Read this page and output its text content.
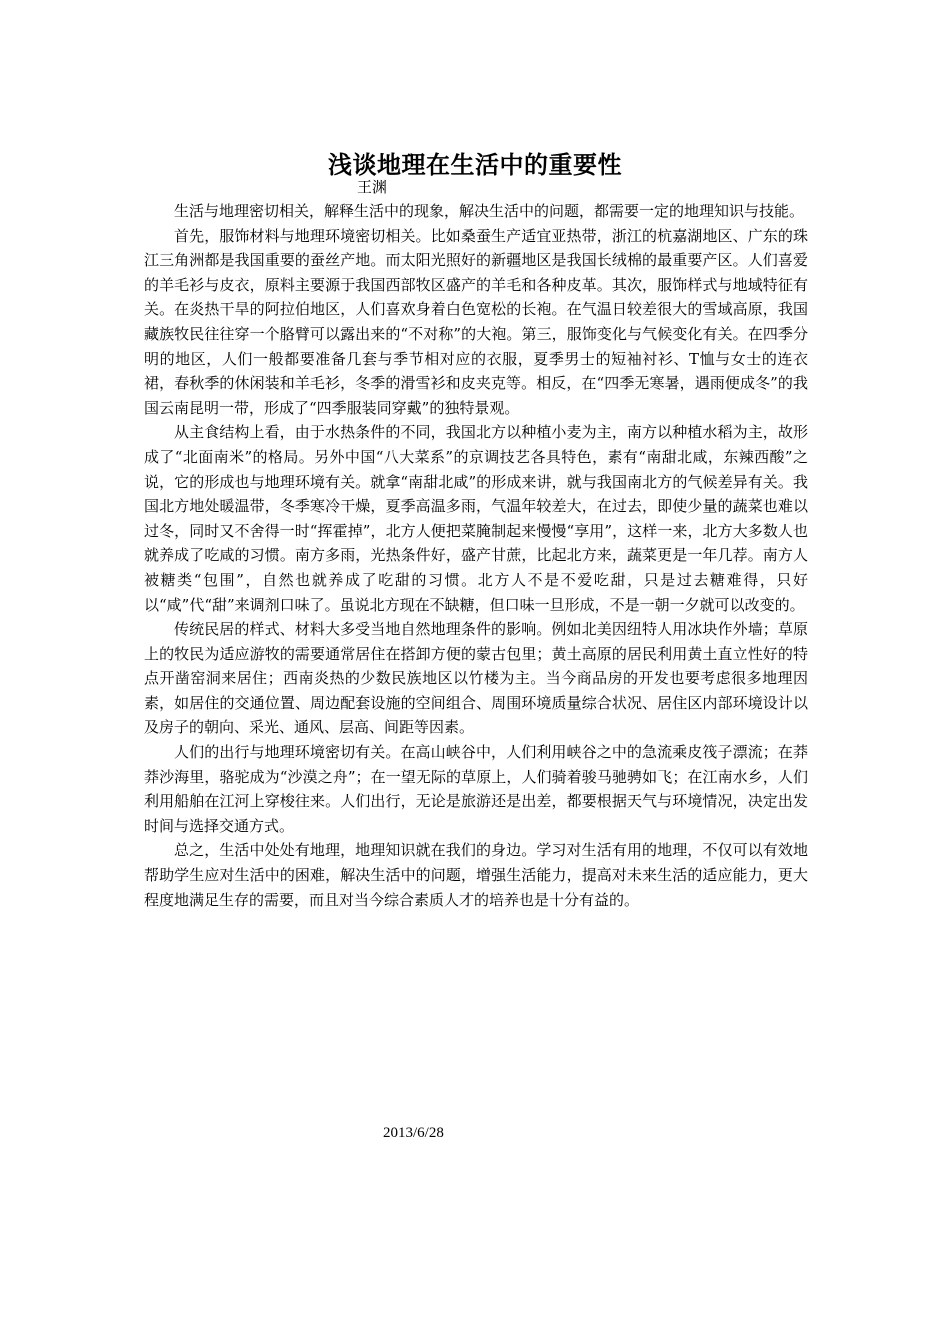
浅谈地理在生活中的重要性
王渊

生活与地理密切相关，解释生活中的现象，解决生活中的问题，都需要一定的地理知识与技能。

首先，服饰材料与地理环境密切相关。比如桑蚕生产适宜亚热带，浙江的杭嘉湖地区、广东的珠江三角洲都是我国重要的蚕丝产地。而太阳光照好的新疆地区是我国长绒棉的最重要产区。人们喜爱的羊毛衫与皮衣，原料主要源于我国西部牧区盛产的羊毛和各种皮革。其次，服饰样式与地域特征有关。在炎热干旱的阿拉伯地区，人们喜欢身着白色宽松的长袍。在气温日较差很大的雪域高原，我国藏族牧民往往穿一个胳臂可以露出来的“不对称”的大袍。第三，服饰变化与气候变化有关。在四季分明的地区，人们一般都要准备几套与季节相对应的衣服，夏季男士的短袖衬衫、T恤与女士的连衣裙，春秋季的休闲装和羊毛衫，冬季的滑雪衫和皮夹克等。相反，在“四季无寒暑，遇雨便成冬”的我国云南昆明一带，形成了“四季服装同穿戴”的独特景观。

从主食结构上看，由于水热条件的不同，我国北方以种植小麦为主，南方以种植水稻为主，故形成了“北面南米”的格局。另外中国“八大菜系”的京调技艺各具特色，素有“南甜北咸，东辣西酸”之说，它的形成也与地理环境有关。就拿“南甜北咸”的形成来讲，就与我国南北方的气候差异有关。我国北方地处暖温带，冬季寒冷干燥，夏季高温多雨，气温年较差大，在过去，即使少量的蔬菜也难以过冬，同时又不舍得一时“挥霍掉”，北方人便把菜腌制起来慢慢“享用”，这样一来，北方大多数人也就养成了吃咸的习惯。南方多雨，光热条件好，盛产甘蔗，比起北方来，蔬菜更是一年几荐。南方人被糖类“包围”，自然也就养成了吃甜的习惯。北方人不是不爱吃甜，只是过去糖难得，只好以“咸”代“甜”来调剂口味了。虽说北方现在不缺糖，但口味一旦形成，不是一朝一夕就可以改变的。

传统民居的样式、材料大多受当地自然地理条件的影响。例如北美因纽特人用冰块作外墙；草原上的牧民为适应游牧的需要通常居住在搭卸方便的蒙古包里；黄土高原的居民利用黄土直立性好的特点开凿窑洞来居住；西南炎热的少数民族地区以竹楼为主。当今商品房的开发也要考虑很多地理因素，如居住的交通位置、周边配套设施的空间组合、周围环境质量综合状况、居住区内部环境设计以及房子的朝向、采光、通风、层高、间距等因素。

人们的出行与地理环境密切有关。在高山峡谷中，人们利用峡谷之中的急流乘皮筏子漂流；在莽莽沙海里，骆驼成为“沙漠之舟”；在一望无际的草原上，人们骑着骏马驰骋如飞；在江南水乡，人们利用船舶在江河上穿梭往来。人们出行，无论是旅游还是出差，都要根据天气与环境情况，决定出发时间与选择交通方式。

总之，生活中处处有地理，地理知识就在我们的身边。学习对生活有用的地理，不仅可以有效地帮助学生应对生活中的困难，解决生活中的问题，增强生活能力，提高对未来生活的适应能力，更大程度地满足生存的需要，而且对当今综合素质人才的培养也是十分有益的。

2013/6/28
